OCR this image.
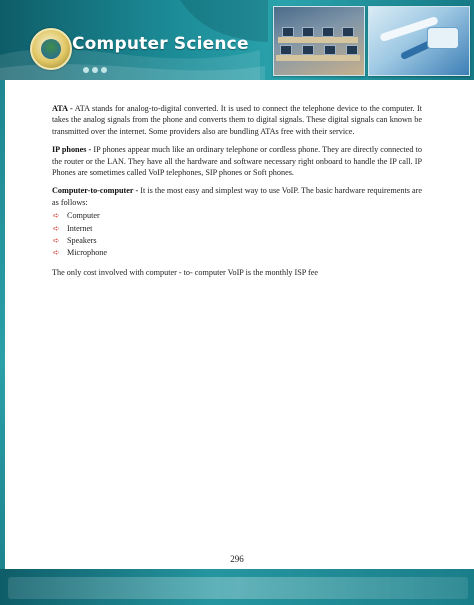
Computer Science

ATA - ATA stands for analog-to-digital converted. It is used to connect the telephone device to the computer. It takes the analog signals from the phone and converts them to digital signals. These digital signals can known be transmitted over the internet. Some providers also are bundling ATAs free with their service.

IP phones - IP phones appear much like an ordinary telephone or cordless phone. They are directly connected to the router or the LAN. They have all the hardware and software necessary right onboard to handle the IP call. IP Phones are sometimes called VoIP telephones, SIP phones or Soft phones.

Computer-to-computer - It is the most easy and simplest way to use VoIP. The basic hardware requirements are as follows:

➪ Computer
➪ Internet
➪ Speakers
➪ Microphone

The only cost involved with computer - to- computer VoIP is the monthly ISP fee

296
